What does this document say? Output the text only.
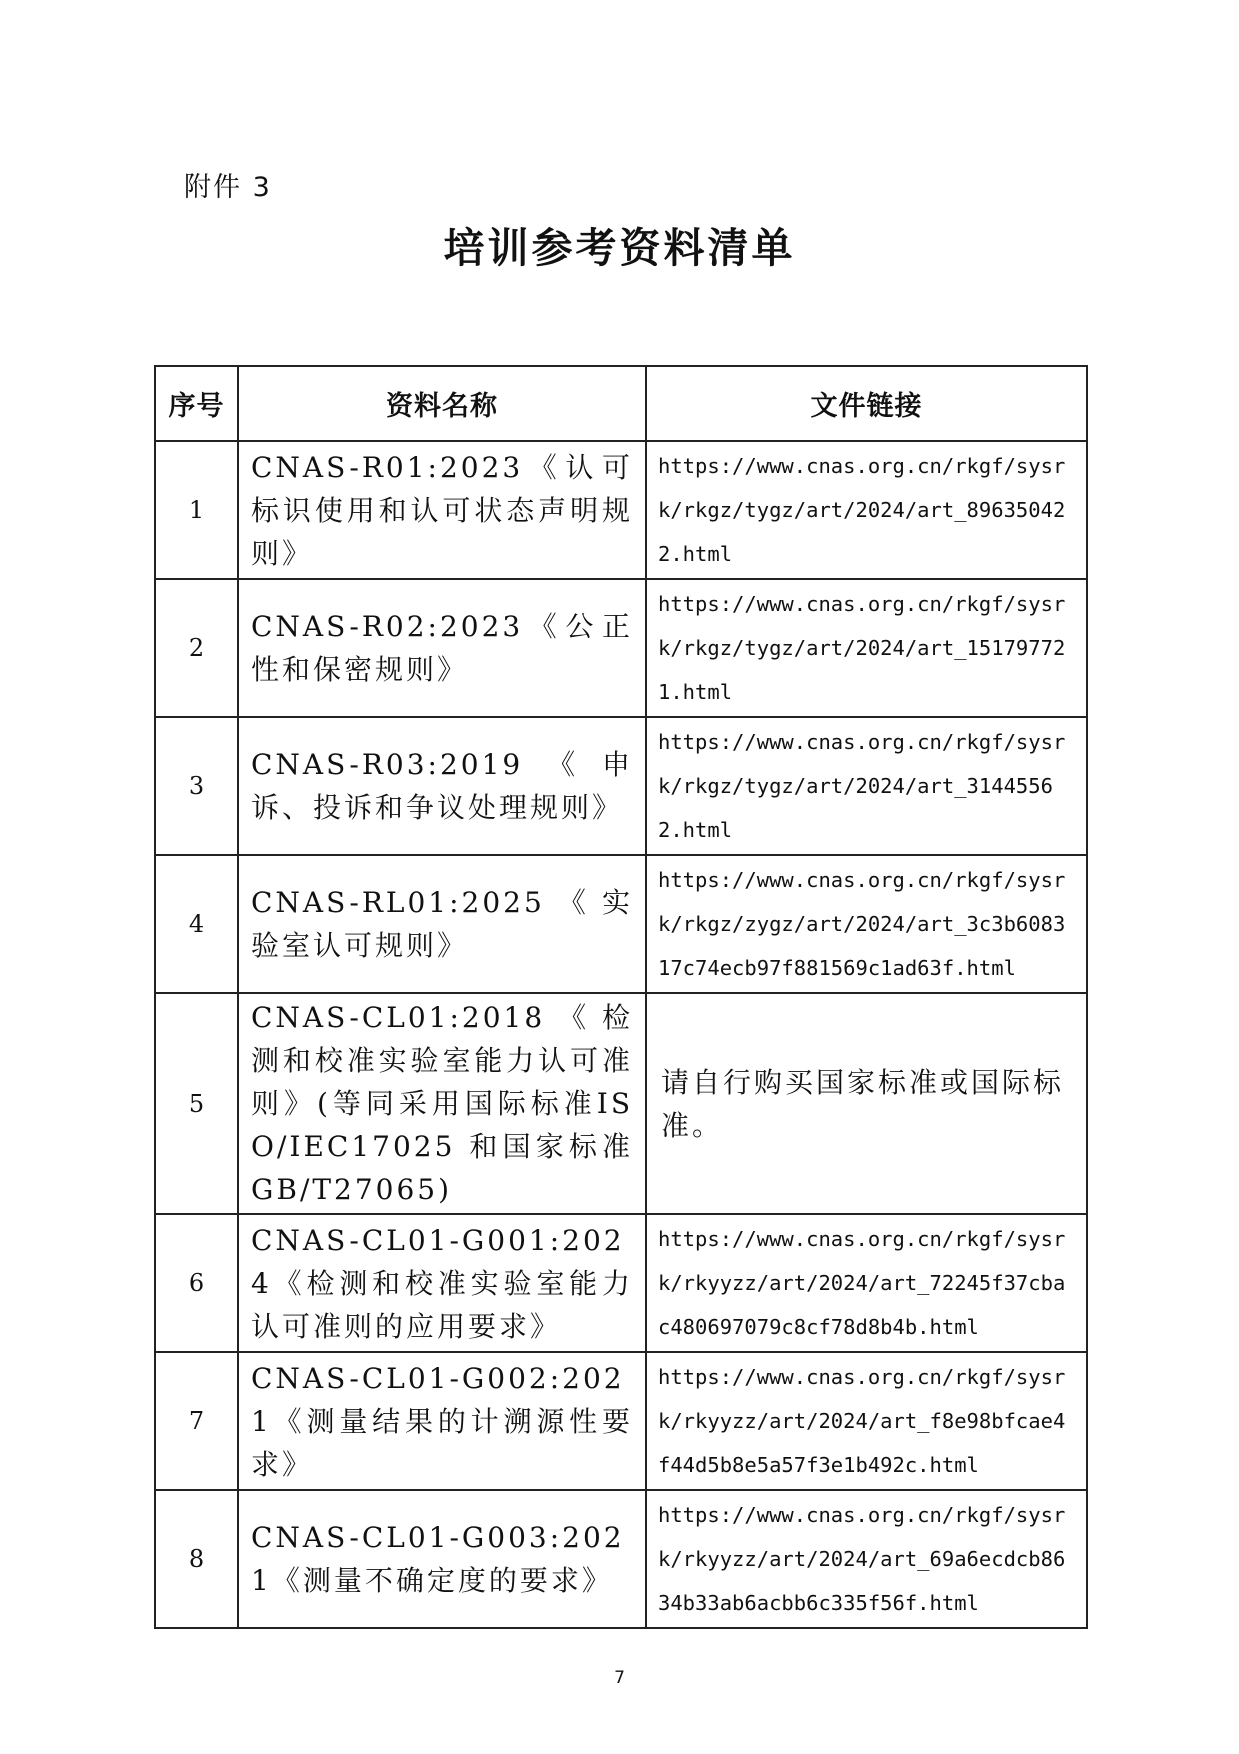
附件 3
培训参考资料清单
序号	资料名称	文件链接
1	CNAS-R01:2023《认可标识使用和认可状态声明规则》	https://www.cnas.org.cn/rkgf/sysrk/rkgz/tygz/art/2024/art_896350422.html
2	CNAS-R02:2023《公正性和保密规则》	https://www.cnas.org.cn/rkgf/sysrk/rkgz/tygz/art/2024/art_151797721.html
3	CNAS-R03:2019《申诉、投诉和争议处理规则》	https://www.cnas.org.cn/rkgf/sysrk/rkgz/tygz/art/2024/art_31445562.html
4	CNAS-RL01:2025《实验室认可规则》	https://www.cnas.org.cn/rkgf/sysrk/rkgz/zygz/art/2024/art_3c3b608317c74ecb97f881569c1ad63f.html
5	CNAS-CL01:2018《检测和校准实验室能力认可准则》(等同采用国际标准ISO/IEC17025 和国家标准GB/T27065)	请自行购买国家标准或国际标准。
6	CNAS-CL01-G001:2024《检测和校准实验室能力认可准则的应用要求》	https://www.cnas.org.cn/rkgf/sysrk/rkyyzz/art/2024/art_72245f37cbac480697079c8cf78d8b4b.html
7	CNAS-CL01-G002:2021《测量结果的计溯源性要求》	https://www.cnas.org.cn/rkgf/sysrk/rkyyzz/art/2024/art_f8e98bfcae4f44d5b8e5a57f3e1b492c.html
8	CNAS-CL01-G003:2021《测量不确定度的要求》	https://www.cnas.org.cn/rkgf/sysrk/rkyyzz/art/2024/art_69a6ecdcb8634b33ab6acbb6c335f56f.html
7
